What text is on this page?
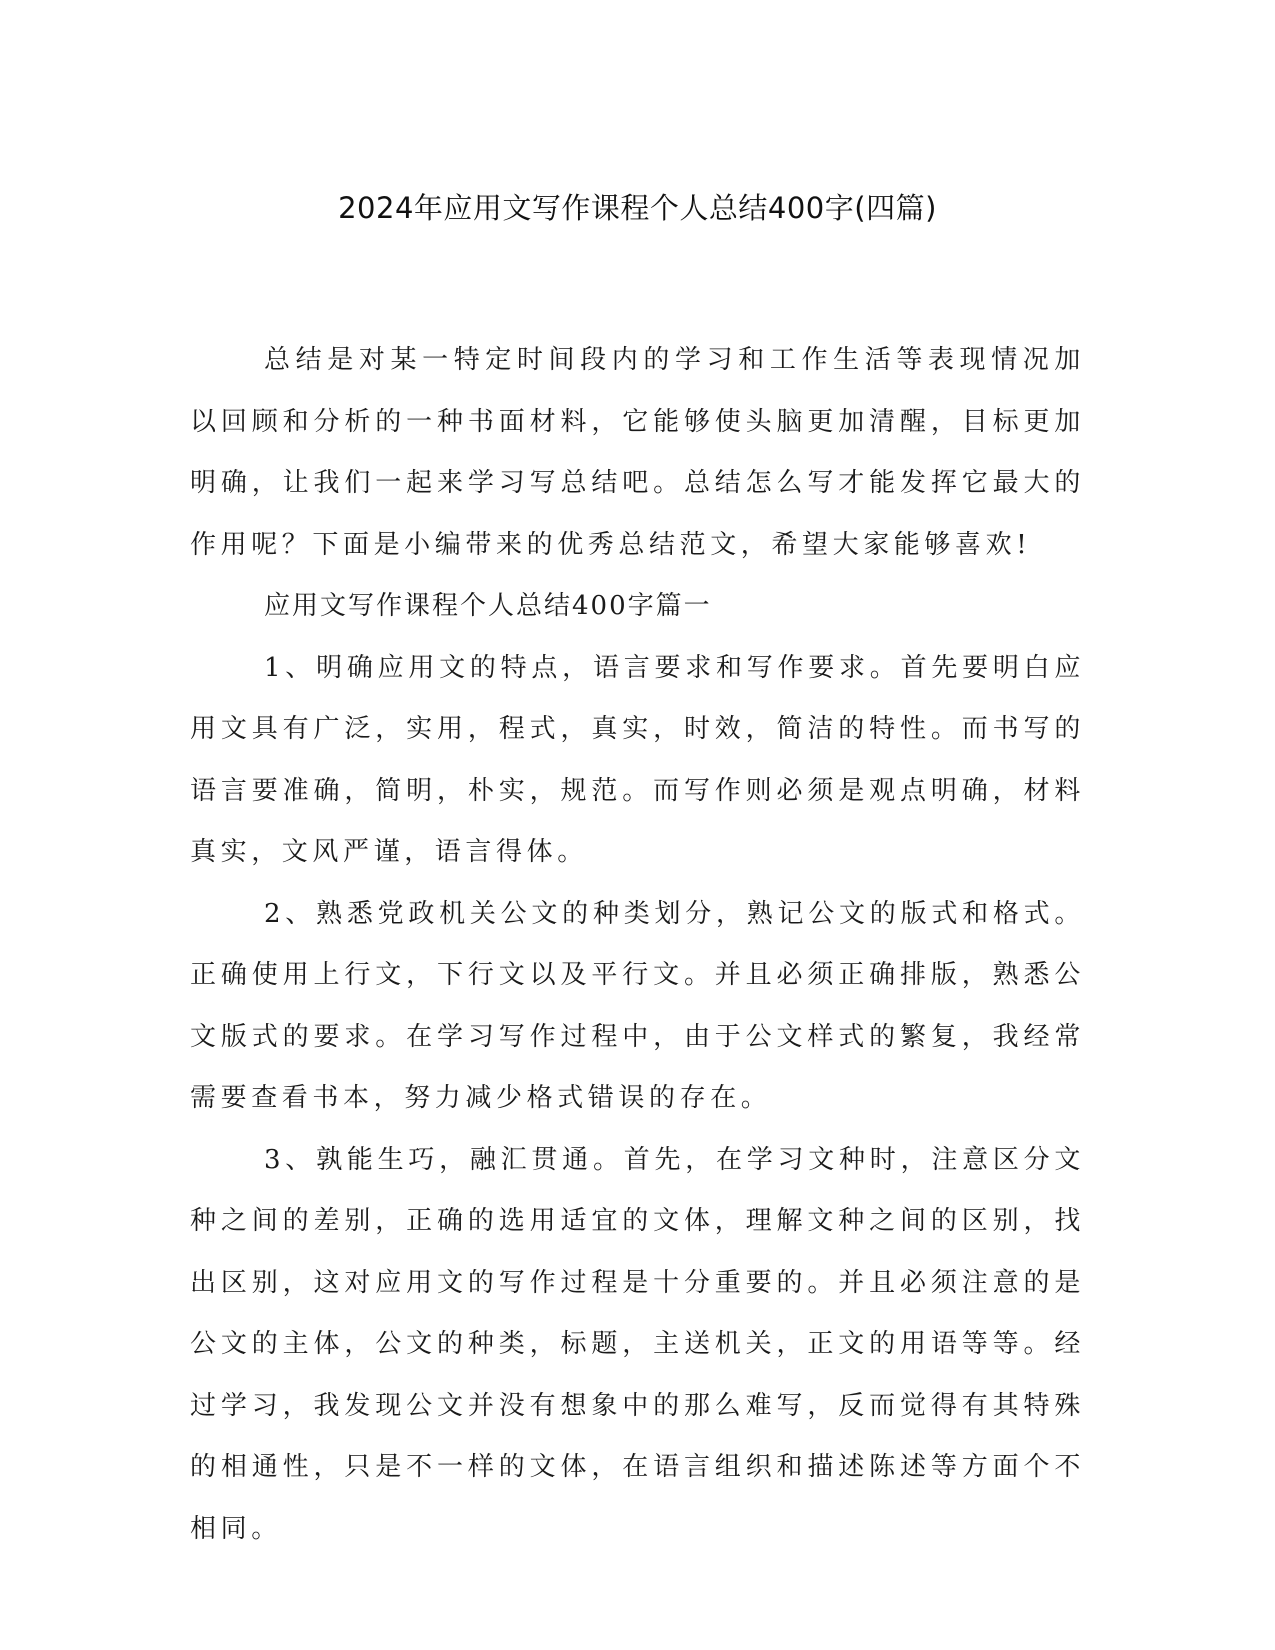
2024年应用文写作课程个人总结400字(四篇)

总结是对某一特定时间段内的学习和工作生活等表现情况加以回顾和分析的一种书面材料，它能够使头脑更加清醒，目标更加明确，让我们一起来学习写总结吧。总结怎么写才能发挥它最大的作用呢？下面是小编带来的优秀总结范文，希望大家能够喜欢!

应用文写作课程个人总结400字篇一

1、明确应用文的特点，语言要求和写作要求。首先要明白应用文具有广泛，实用，程式，真实，时效，简洁的特性。而书写的语言要准确，简明，朴实，规范。而写作则必须是观点明确，材料真实，文风严谨，语言得体。

2、熟悉党政机关公文的种类划分，熟记公文的版式和格式。正确使用上行文，下行文以及平行文。并且必须正确排版，熟悉公文版式的要求。在学习写作过程中，由于公文样式的繁复，我经常需要查看书本，努力减少格式错误的存在。

3、孰能生巧，融汇贯通。首先，在学习文种时，注意区分文种之间的差别，正确的选用适宜的文体，理解文种之间的区别，找出区别，这对应用文的写作过程是十分重要的。并且必须注意的是公文的主体，公文的种类，标题，主送机关，正文的用语等等。经过学习，我发现公文并没有想象中的那么难写，反而觉得有其特殊的相通性，只是不一样的文体，在语言组织和描述陈述等方面个不相同。
